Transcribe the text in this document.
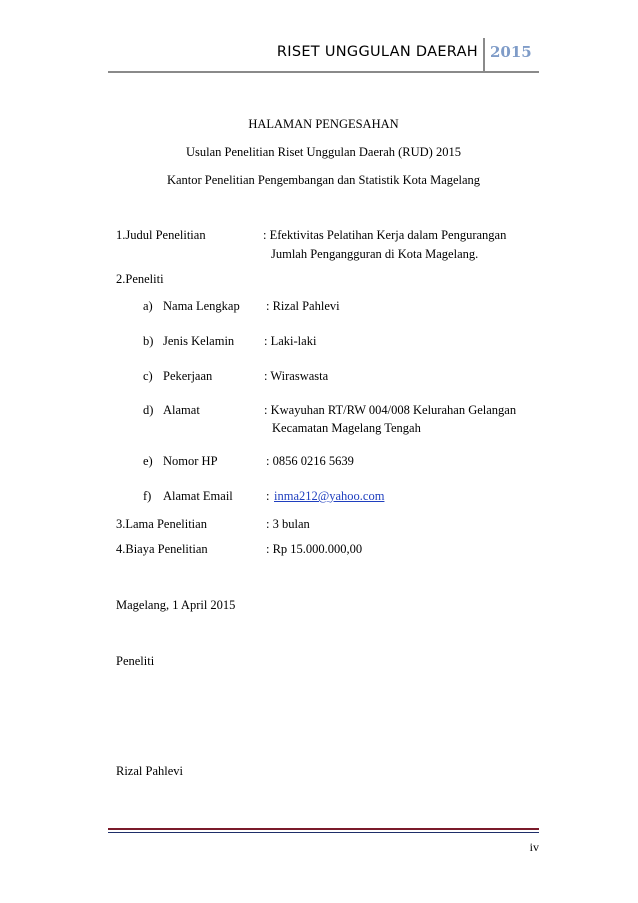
RISET UNGGULAN DAERAH 2015
HALAMAN PENGESAHAN
Usulan Penelitian Riset Unggulan Daerah (RUD) 2015
Kantor Penelitian Pengembangan dan Statistik Kota Magelang
1.Judul Penelitian	: Efektivitas Pelatihan Kerja dalam Pengurangan
Jumlah Pengangguran di Kota Magelang.
2.Peneliti
a) Nama Lengkap : Rizal Pahlevi
b) Jenis Kelamin : Laki-laki
c) Pekerjaan	: Wiraswasta
d) Alamat	: Kwayuhan RT/RW 004/008 Kelurahan Gelangan
Kecamatan Magelang Tengah
e) Nomor HP	: 0856 0216 5639
f) Alamat Email	: inma212@yahoo.com
3.Lama Penelitian	: 3 bulan
4.Biaya Penelitian	: Rp 15.000.000,00
Magelang, 1 April 2015
Peneliti
Rizal Pahlevi
iv
